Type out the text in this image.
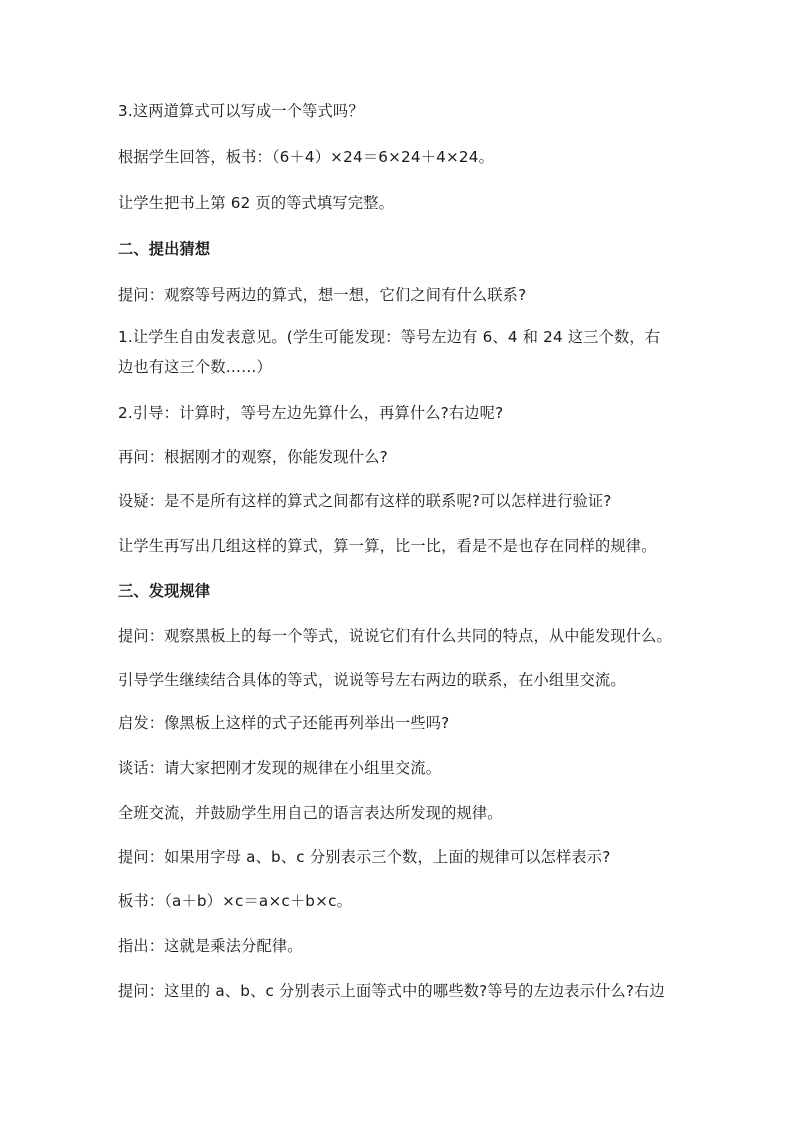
3.这两道算式可以写成一个等式吗？
根据学生回答，板书：（6＋4）×24＝6×24＋4×24。
让学生把书上第 62 页的等式填写完整。
二、提出猜想
提问：观察等号两边的算式，想一想，它们之间有什么联系?
1.让学生自由发表意见。(学生可能发现：等号左边有 6、4 和 24 这三个数，右
边也有这三个数……）
2.引导：计算时，等号左边先算什么，再算什么?右边呢?
再问：根据刚才的观察，你能发现什么?
设疑：是不是所有这样的算式之间都有这样的联系呢?可以怎样进行验证?
让学生再写出几组这样的算式，算一算，比一比，看是不是也存在同样的规律。
三、发现规律
提问：观察黑板上的每一个等式，说说它们有什么共同的特点，从中能发现什么。
引导学生继续结合具体的等式，说说等号左右两边的联系，在小组里交流。
启发：像黑板上这样的式子还能再列举出一些吗?
谈话：请大家把刚才发现的规律在小组里交流。
全班交流，并鼓励学生用自己的语言表达所发现的规律。
提问：如果用字母 a、b、c 分别表示三个数，上面的规律可以怎样表示?
板书：（a＋b）×c＝a×c＋b×c。
指出：这就是乘法分配律。
提问：这里的 a、b、c 分别表示上面等式中的哪些数?等号的左边表示什么?右边
